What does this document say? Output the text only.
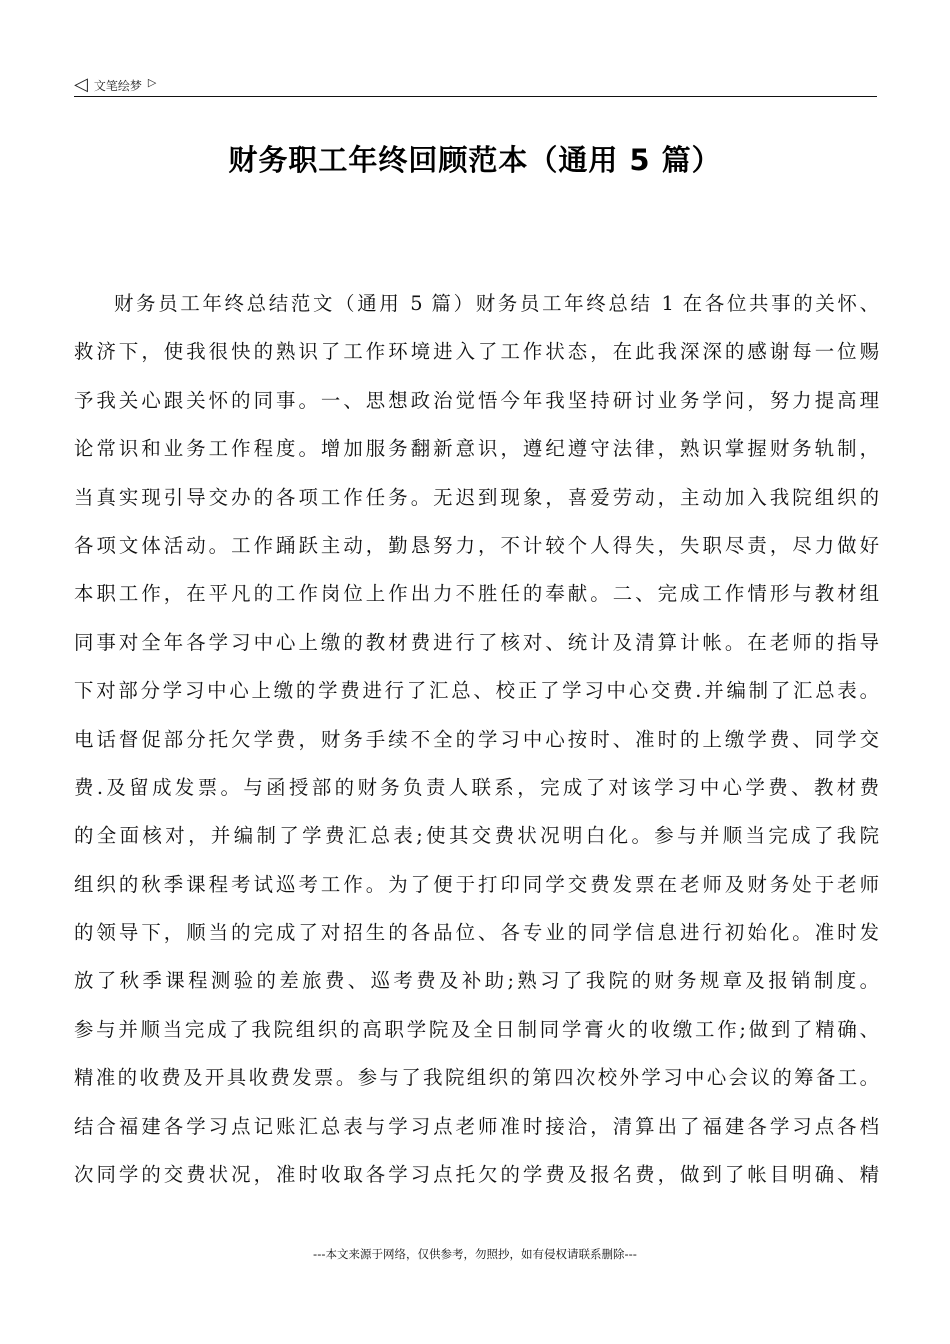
◁ 文笔绘梦 ▷
财务职工年终回顾范本（通用 5 篇）
财务员工年终总结范文（通用 5 篇）财务员工年终总结 1 在各位共事的关怀、
救济下，使我很快的熟识了工作环境进入了工作状态，在此我深深的感谢每一位赐
予我关心跟关怀的同事。一、思想政治觉悟今年我坚持研讨业务学问，努力提高理
论常识和业务工作程度。增加服务翻新意识，遵纪遵守法律，熟识掌握财务轨制，
当真实现引导交办的各项工作任务。无迟到现象，喜爱劳动，主动加入我院组织的
各项文体活动。工作踊跃主动，勤恳努力，不计较个人得失，失职尽责，尽力做好
本职工作，在平凡的工作岗位上作出力不胜任的奉献。二、完成工作情形与教材组
同事对全年各学习中心上缴的教材费进行了核对、统计及清算计帐。在老师的指导
下对部分学习中心上缴的学费进行了汇总、校正了学习中心交费.并编制了汇总表。
电话督促部分托欠学费，财务手续不全的学习中心按时、准时的上缴学费、同学交
费.及留成发票。与函授部的财务负责人联系，完成了对该学习中心学费、教材费
的全面核对，并编制了学费汇总表;使其交费状况明白化。参与并顺当完成了我院
组织的秋季课程考试巡考工作。为了便于打印同学交费发票在老师及财务处于老师
的领导下，顺当的完成了对招生的各品位、各专业的同学信息进行初始化。准时发
放了秋季课程测验的差旅费、巡考费及补助;熟习了我院的财务规章及报销制度。
参与并顺当完成了我院组织的高职学院及全日制同学膏火的收缴工作;做到了精确、
精准的收费及开具收费发票。参与了我院组织的第四次校外学习中心会议的筹备工。
结合福建各学习点记账汇总表与学习点老师准时接洽，清算出了福建各学习点各档
次同学的交费状况，准时收取各学习点托欠的学费及报名费，做到了帐目明确、精
---本文来源于网络，仅供参考，勿照抄，如有侵权请联系删除---
